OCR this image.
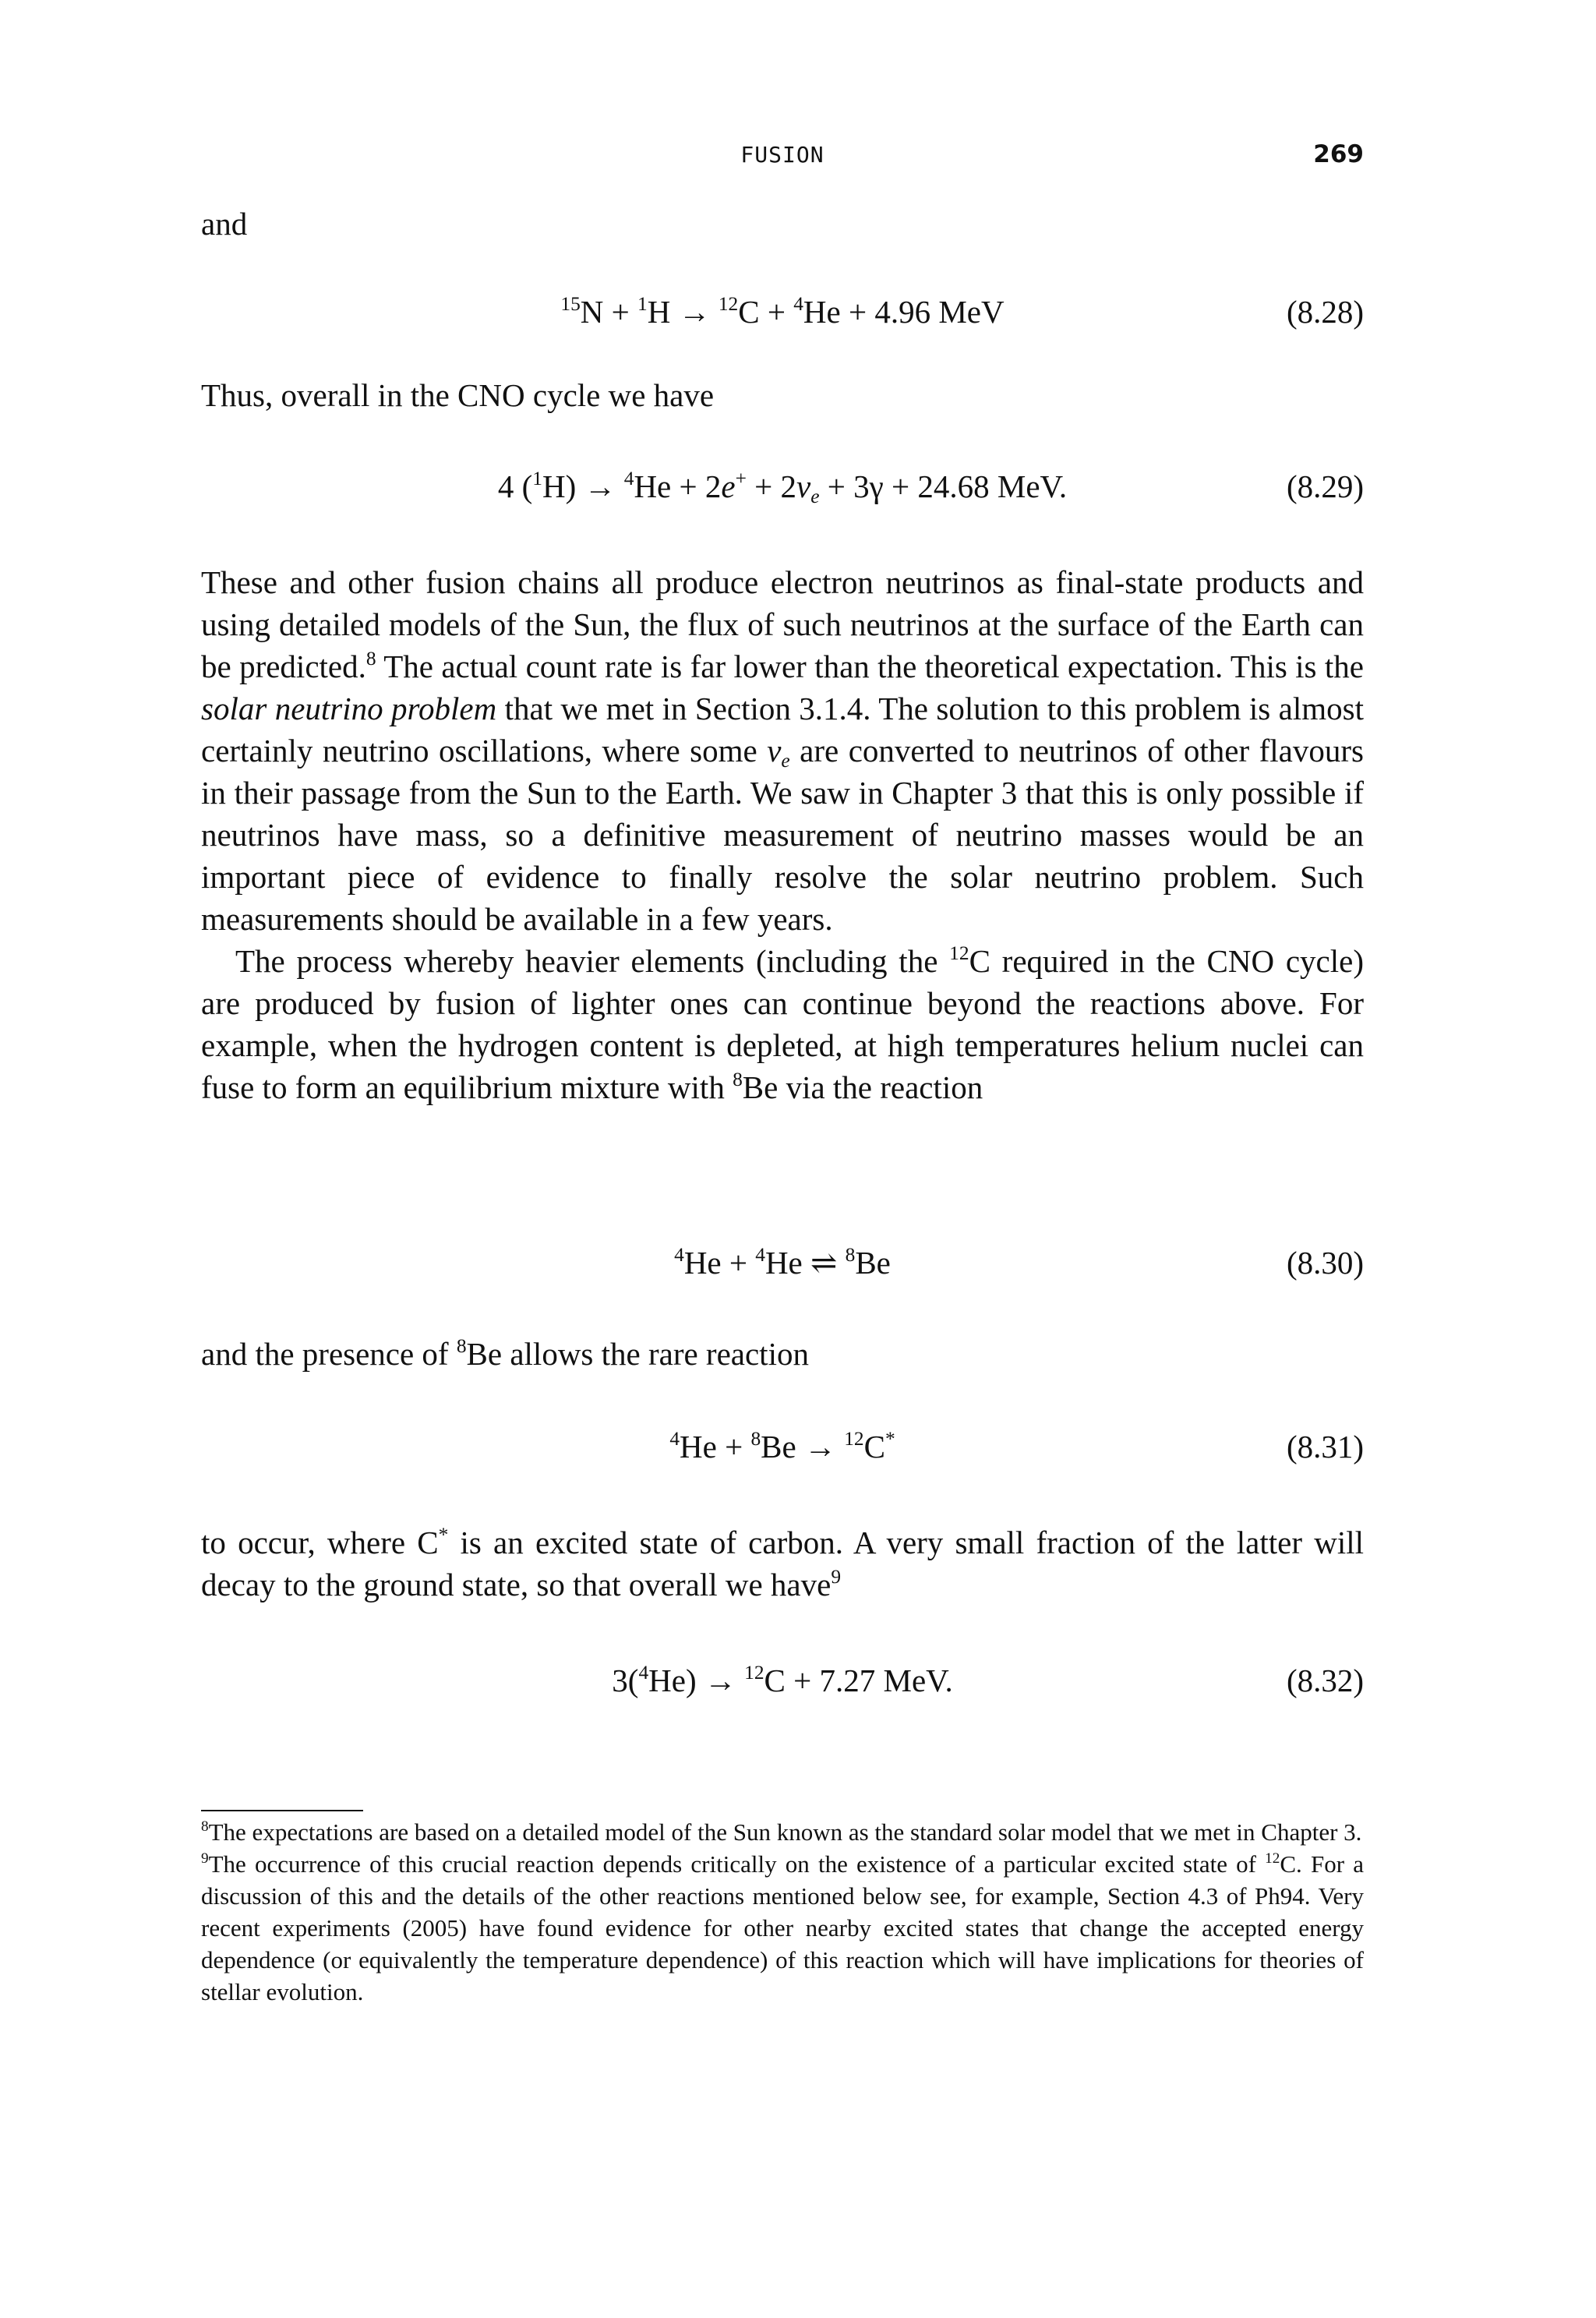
FUSION	269

and

$^{15}$N + $^1$H → $^{12}$C + $^4$He + 4.96 MeV	(8.28)

Thus, overall in the CNO cycle we have

4 $(^1H) \to ^4He + 2e^+ + 2\nu_e + 3\gamma + 24.68$ MeV.	(8.29)

These and other fusion chains all produce electron neutrinos as final-state products and using detailed models of the Sun, the flux of such neutrinos at the surface of the Earth can be predicted.$^8$ The actual count rate is far lower than the theoretical expectation. This is the solar neutrino problem that we met in Section 3.1.4. The solution to this problem is almost certainly neutrino oscillations, where some $\nu_e$ are converted to neutrinos of other flavours in their passage from the Sun to the Earth. We saw in Chapter 3 that this is only possible if neutrinos have mass, so a definitive measurement of neutrino masses would be an important piece of evidence to finally resolve the solar neutrino problem. Such measurements should be available in a few years.

The process whereby heavier elements (including the $^{12}$C required in the CNO cycle) are produced by fusion of lighter ones can continue beyond the reactions above. For example, when the hydrogen content is depleted, at high temperatures helium nuclei can fuse to form an equilibrium mixture with $^8$Be via the reaction

$^4$He + $^4$He ⇌ $^8$Be	(8.30)

and the presence of $^8$Be allows the rare reaction

$^4$He + $^8$Be → $^{12}$C*	(8.31)

to occur, where C* is an excited state of carbon. A very small fraction of the latter will decay to the ground state, so that overall we have$^9$

3($^4$He) → $^{12}$C + 7.27 MeV.	(8.32)

$^8$The expectations are based on a detailed model of the Sun known as the standard solar model that we met in Chapter 3.

$^9$The occurrence of this crucial reaction depends critically on the existence of a particular excited state of $^{12}$C. For a discussion of this and the details of the other reactions mentioned below see, for example, Section 4.3 of Ph94. Very recent experiments (2005) have found evidence for other nearby excited states that change the accepted energy dependence (or equivalently the temperature dependence) of this reaction which will have implications for theories of stellar evolution.
